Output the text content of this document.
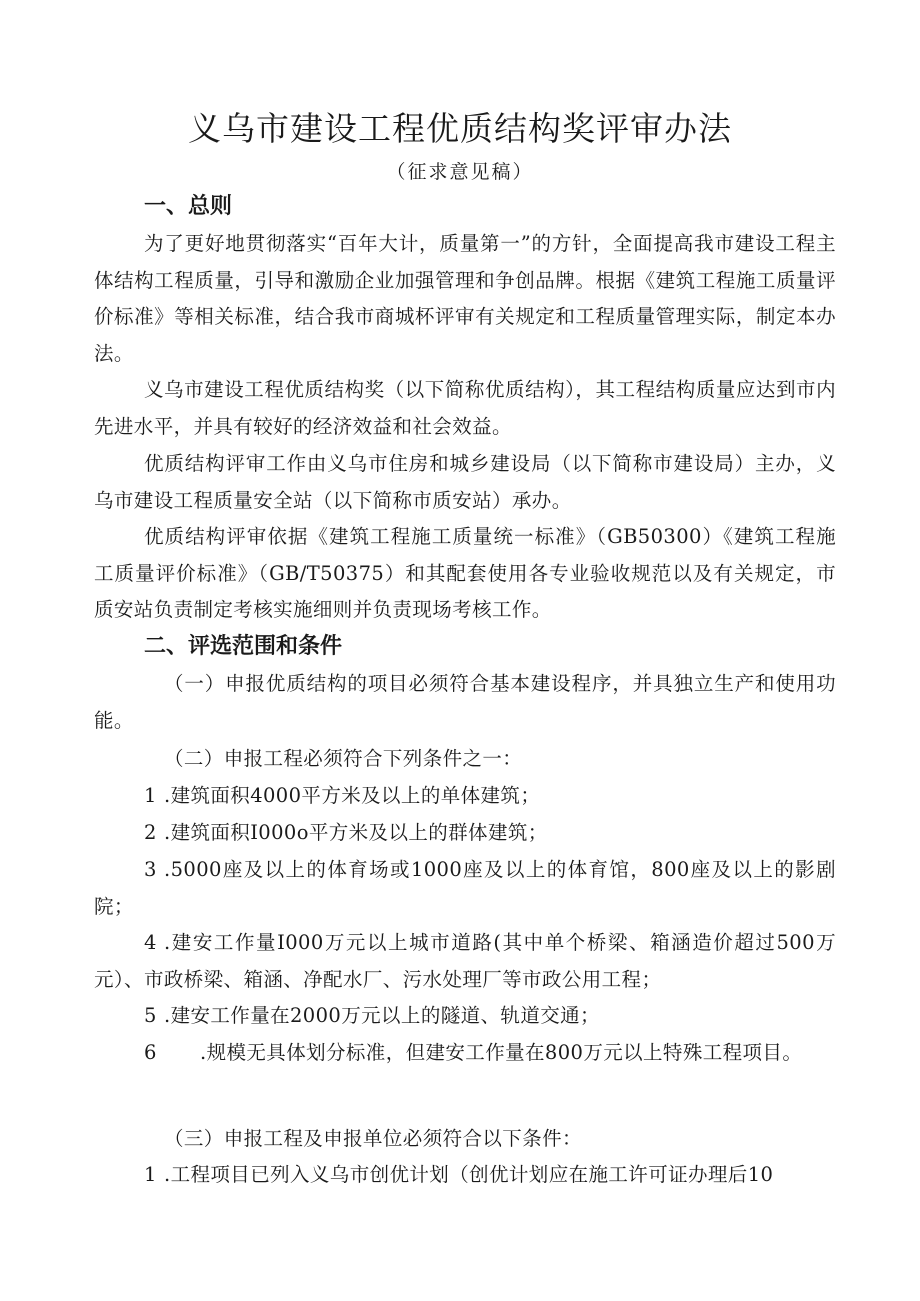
义乌市建设工程优质结构奖评审办法
（征求意见稿）
一、总则

为了更好地贯彻落实“百年大计，质量第一”的方针，全面提高我市建设工程主体结构工程质量，引导和激励企业加强管理和争创品牌。根据《建筑工程施工质量评价标准》等相关标准，结合我市商城杯评审有关规定和工程质量管理实际，制定本办法。

义乌市建设工程优质结构奖（以下简称优质结构），其工程结构质量应达到市内先进水平，并具有较好的经济效益和社会效益。

优质结构评审工作由义乌市住房和城乡建设局（以下简称市建设局）主办，义乌市建设工程质量安全站（以下简称市质安站）承办。

优质结构评审依据《建筑工程施工质量统一标准》（GB50300）《建筑工程施工质量评价标准》（GB/T50375）和其配套使用各专业验收规范以及有关规定，市质安站负责制定考核实施细则并负责现场考核工作。

二、评选范围和条件

（一）申报优质结构的项目必须符合基本建设程序，并具独立生产和使用功能。

（二）申报工程必须符合下列条件之一：

1 .建筑面积4000平方米及以上的单体建筑；

2 .建筑面积I000o平方米及以上的群体建筑；

3 .5000座及以上的体育场或1000座及以上的体育馆，800座及以上的影剧院；

4 .建安工作量I000万元以上城市道路(其中单个桥梁、箱涵造价超过500万元）、市政桥梁、箱涵、净配水厂、污水处理厂等市政公用工程；

5 .建安工作量在2000万元以上的隧道、轨道交通；

6 .规模无具体划分标准，但建安工作量在800万元以上特殊工程项目。

（三）申报工程及申报单位必须符合以下条件：

1 .工程项目已列入义乌市创优计划（创优计划应在施工许可证办理后10
